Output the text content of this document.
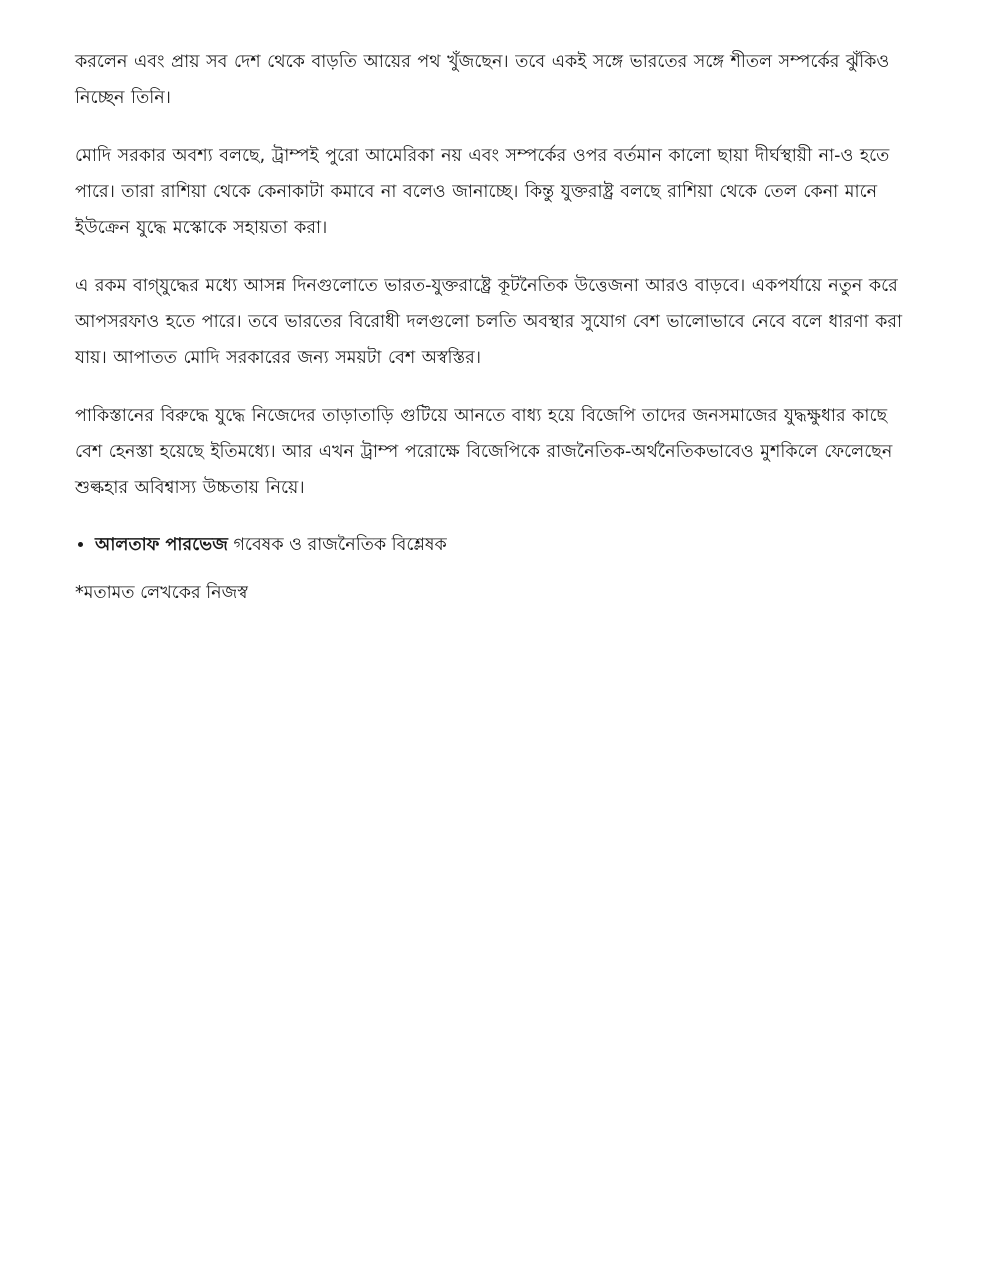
করলেন এবং প্রায় সব দেশ থেকে বাড়তি আয়ের পথ খুঁজছেন। তবে একই সঙ্গে ভারতের সঙ্গে শীতল সম্পর্কের ঝুঁকিও নিচ্ছেন তিনি।

মোদি সরকার অবশ্য বলছে, ট্রাম্পই পুরো আমেরিকা নয় এবং সম্পর্কের ওপর বর্তমান কালো ছায়া দীর্ঘস্থায়ী না-ও হতে পারে। তারা রাশিয়া থেকে কেনাকাটা কমাবে না বলেও জানাচ্ছে। কিন্তু যুক্তরাষ্ট্র বলছে রাশিয়া থেকে তেল কেনা মানে ইউক্রেন যুদ্ধে মস্কোকে সহায়তা করা।

এ রকম বাগ্‌যুদ্ধের মধ্যে আসন্ন দিনগুলোতে ভারত-যুক্তরাষ্ট্রে কূটনৈতিক উত্তেজনা আরও বাড়বে। একপর্যায়ে নতুন করে আপসরফাও হতে পারে। তবে ভারতের বিরোধী দলগুলো চলতি অবস্থার সুযোগ বেশ ভালোভাবে নেবে বলে ধারণা করা যায়। আপাতত মোদি সরকারের জন্য সময়টা বেশ অস্বস্তির।

পাকিস্তানের বিরুদ্ধে যুদ্ধে নিজেদের তাড়াতাড়ি গুটিয়ে আনতে বাধ্য হয়ে বিজেপি তাদের জনসমাজের যুদ্ধক্ষুধার কাছে বেশ হেনস্তা হয়েছে ইতিমধ্যে। আর এখন ট্রাম্প পরোক্ষে বিজেপিকে রাজনৈতিক-অর্থনৈতিকভাবেও মুশকিলে ফেলেছেন শুল্কহার অবিশ্বাস্য উচ্চতায় নিয়ে।

• আলতাফ পারভেজ গবেষক ও রাজনৈতিক বিশ্লেষক

*মতামত লেখকের নিজস্ব
